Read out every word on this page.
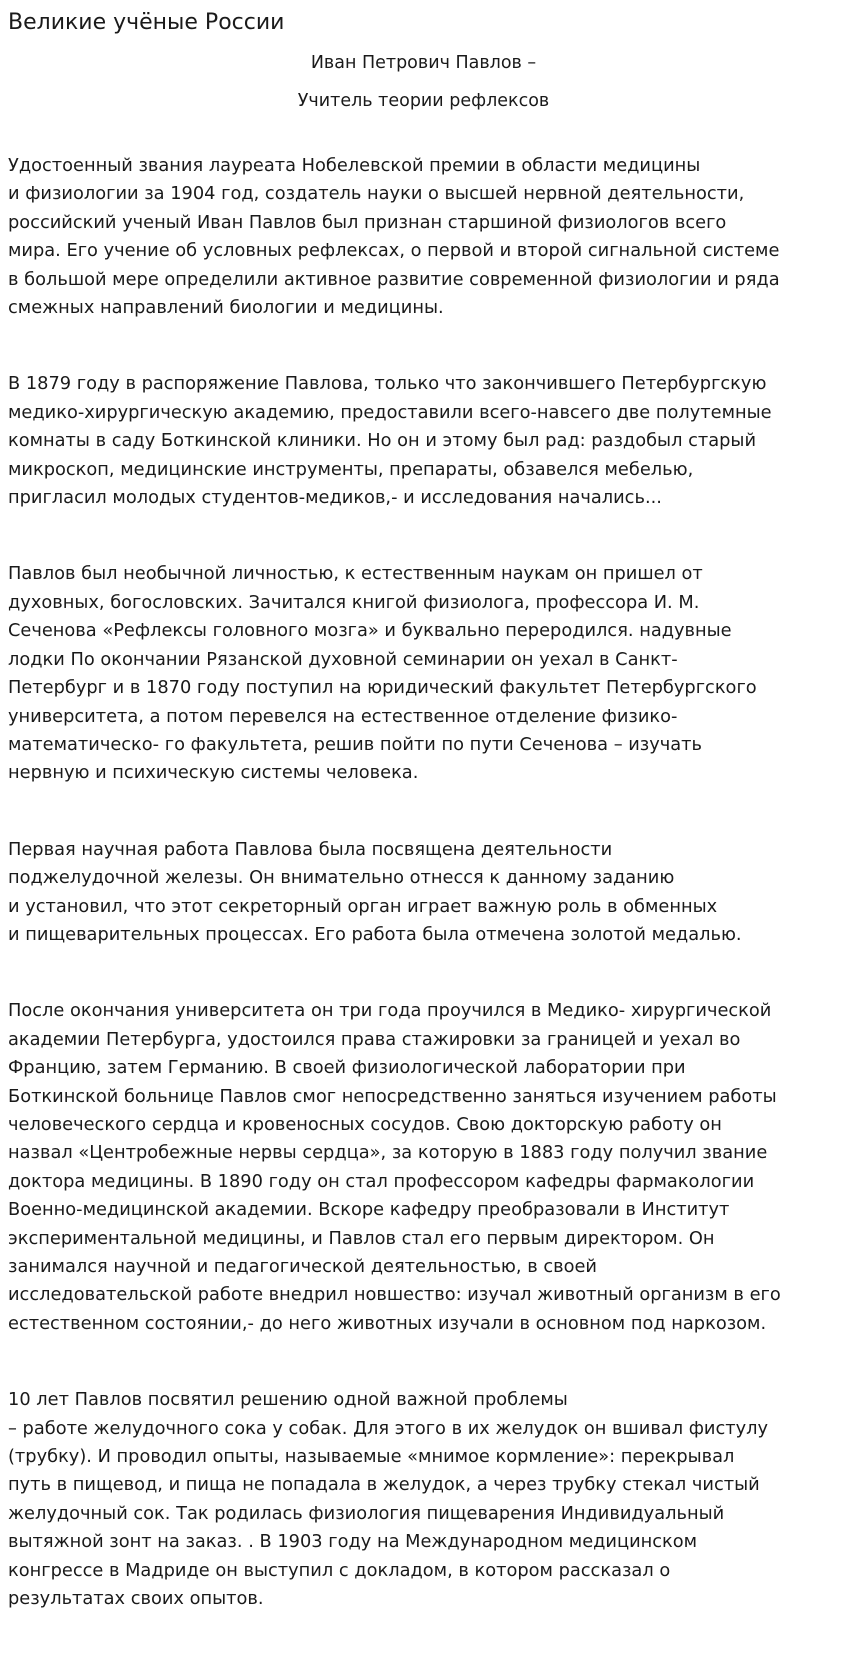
Великие учёные России

Иван Петрович Павлов –

Учитель теории рефлексов

Удостоенный звания лауреата Нобелевской премии в области медицины
и физиологии за 1904 год, создатель науки о высшей нервной деятельности,
российский ученый Иван Павлов был признан старшиной физиологов всего
мира. Его учение об условных рефлексах, о первой и второй сигнальной системе
в большой мере определили активное развитие современной физиологии и ряда
смежных направлений биологии и медицины.

В 1879 году в распоряжение Павлова, только что закончившего Петербургскую
медико-хирургическую академию, предоставили всего-навсего две полутемные
комнаты в саду Боткинской клиники. Но он и этому был рад: раздобыл старый
микроскоп, медицинские инструменты, препараты, обзавелся мебелью,
пригласил молодых студентов-медиков,- и исследования начались...

Павлов был необычной личностью, к естественным наукам он пришел от
духовных, богословских. Зачитался книгой физиолога, профессора И. М.
Сеченова «Рефлексы головного мозга» и буквально переродился. надувные
лодки По окончании Рязанской духовной семинарии он уехал в Санкт-
Петербург и в 1870 году поступил на юридический факультет Петербургского
университета, а потом перевелся на естественное отделение физико-
математическо- го факультета, решив пойти по пути Сеченова – изучать
нервную и психическую системы человека.

Первая научная работа Павлова была посвящена деятельности
поджелудочной железы. Он внимательно отнесся к данному заданию
и установил, что этот секреторный орган играет важную роль в обменных
и пищеварительных процессах. Его работа была отмечена золотой медалью.

После окончания университета он три года проучился в Медико- хирургической
академии Петербурга, удостоился права стажировки за границей и уехал во
Францию, затем Германию. В своей физиологической лаборатории при
Боткинской больнице Павлов смог непосредственно заняться изучением работы
человеческого сердца и кровеносных сосудов. Свою докторскую работу он
назвал «Центробежные нервы сердца», за которую в 1883 году получил звание
доктора медицины. В 1890 году он стал профессором кафедры фармакологии
Военно-медицинской академии. Вскоре кафедру преобразовали в Институт
экспериментальной медицины, и Павлов стал его первым директором. Он
занимался научной и педагогической деятельностью, в своей
исследовательской работе внедрил новшество: изучал животный организм в его
естественном состоянии,- до него животных изучали в основном под наркозом.

10 лет Павлов посвятил решению одной важной проблемы
– работе желудочного сока у собак. Для этого в их желудок он вшивал фистулу
(трубку). И проводил опыты, называемые «мнимое кормление»: перекрывал
путь в пищевод, и пища не попадала в желудок, а через трубку стекал чистый
желудочный сок. Так родилась физиология пищеварения Индивидуальный
вытяжной зонт на заказ. . В 1903 году на Международном медицинском
конгрессе в Мадриде он выступил с докладом, в котором рассказал о
результатах своих опытов.
